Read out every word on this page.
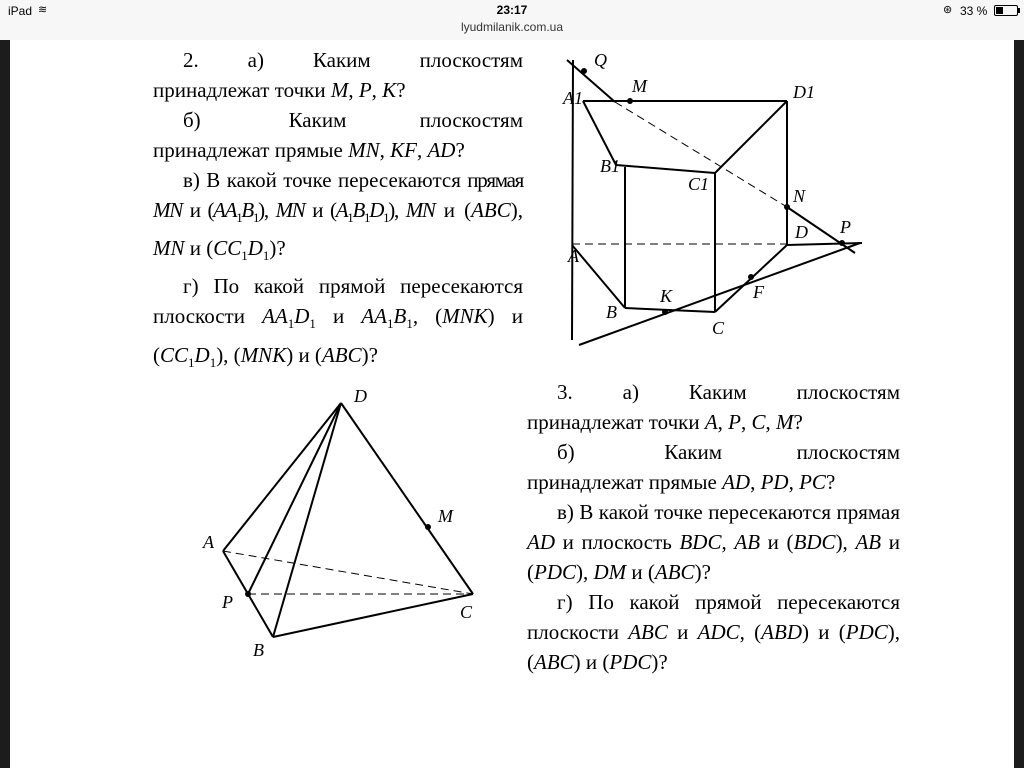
iPad ≋	23:17
lyudmilanik.com.ua
⊛ 33 %

2.    а)    Каким    плоскостям принадлежат точки M, P, K?

б)      Каким     плоскостям принадлежат прямые MN, KF, AD?

в) В какой точке пересекаются прямая MN и $(AA_1B_1)$, MN и $(A_1B_1D_1)$, MN и (ABC), MN и $(CC_1D_1)$?

г) По какой прямой пересекаются плоскости $AA_1D_1$ и $AA_1B_1$, (MNK) и $(CC_1D_1)$, (MNK) и (ABC)?

3.    а)    Каким    плоскостям принадлежат точки A, P, C, M?

б)      Каким     плоскостям принадлежат прямые AD, PD, PC?

в) В какой точке пересекаются прямая AD и плоскость BDC, AB и (BDC), AB и (PDC), DM и (ABC)?

г) По какой прямой пересекаются плоскости ABC и ADC, (ABD) и (PDC), (ABC) и (PDC)?

Q
M
A1	D1
B1
C1
N
P
D
A
F
K
B
C
D
M
A
P	C
B
